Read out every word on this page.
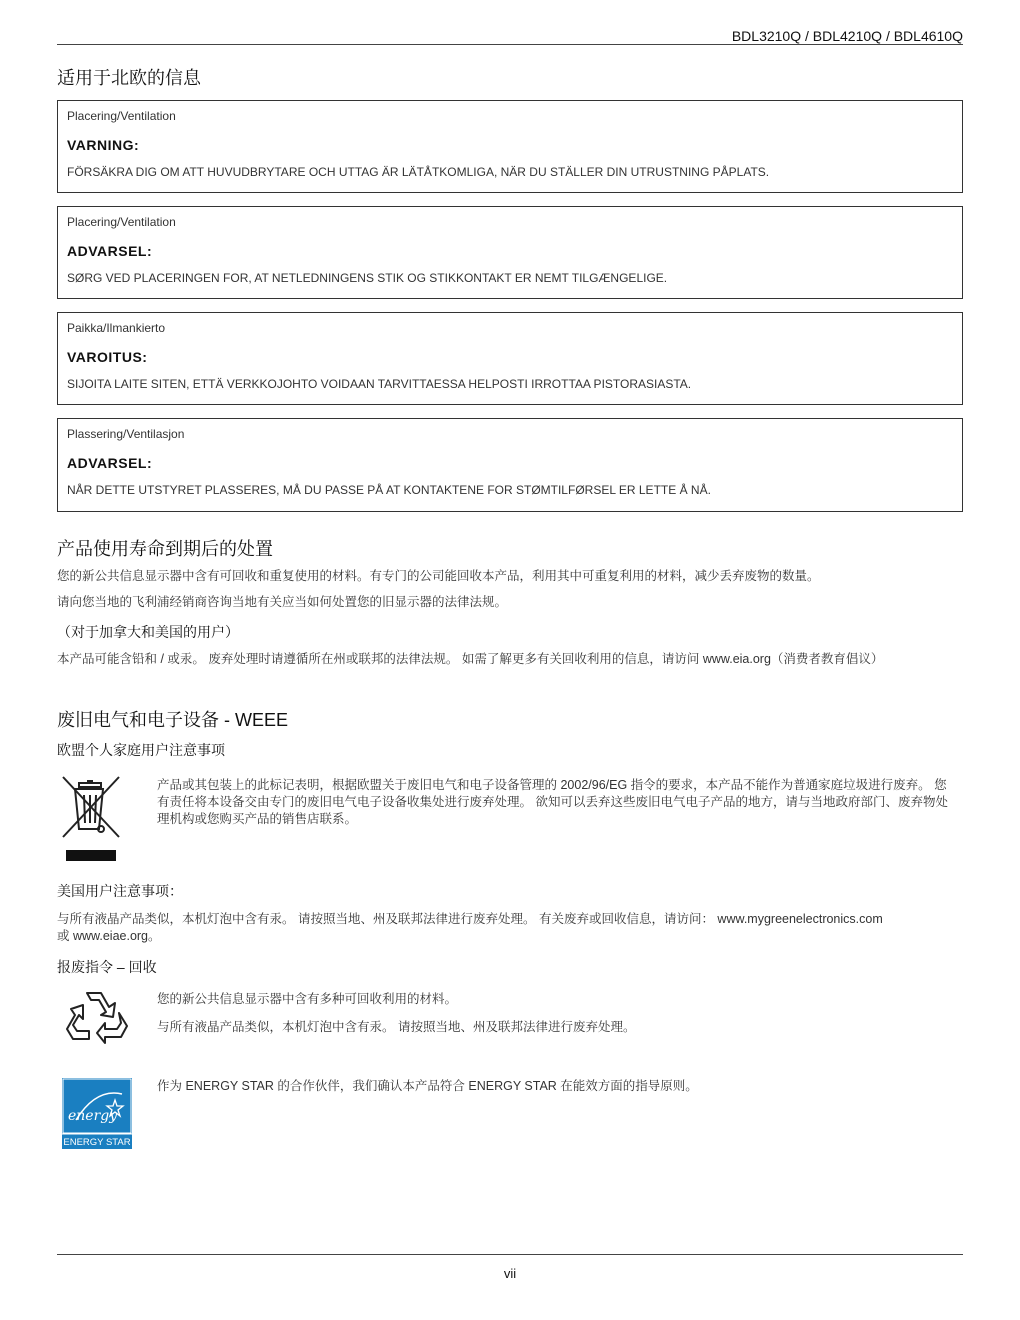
BDL3210Q / BDL4210Q / BDL4610Q
适用于北欧的信息
Placering/Ventilation
VARNING:
FÖRSÄKRA DIG OM ATT HUVUDBRYTARE OCH UTTAG ÄR LÄTÅTKOMLIGA, NÄR DU STÄLLER DIN UTRUSTNING PÅPLATS.
Placering/Ventilation
ADVARSEL:
SØRG VED PLACERINGEN FOR, AT NETLEDNINGENS STIK OG STIKKONTAKT ER NEMT TILGÆNGELIGE.
Paikka/Ilmankierto
VAROITUS:
SIJOITA LAITE SITEN, ETTÄ VERKKOJOHTO VOIDAAN TARVITTAESSA HELPOSTI IRROTTAA PISTORASIASTA.
Plassering/Ventilasjon
ADVARSEL:
NÅR DETTE UTSTYRET PLASSERES, MÅ DU PASSE PÅ AT KONTAKTENE FOR STØMTILFØRSEL ER LETTE Å NÅ.
产品使用寿命到期后的处置
您的新公共信息显示器中含有可回收和重复使用的材料。有专门的公司能回收本产品，利用其中可重复利用的材料，减少丢弃废物的数量。
请向您当地的飞利浦经销商咨询当地有关应当如何处置您的旧显示器的法律法规。
（对于加拿大和美国的用户）
本产品可能含铅和 / 或汞。 废弃处理时请遵循所在州或联邦的法律法规。 如需了解更多有关回收利用的信息，请访问 www.eia.org（消费者教育倡议）
废旧电气和电子设备 - WEEE
欧盟个人家庭用户注意事项
产品或其包装上的此标记表明，根据欧盟关于废旧电气和电子设备管理的 2002/96/EG 指令的要求，本产品不能作为普通家庭垃圾进行废弃。 您有责任将本设备交由专门的废旧电气电子设备收集处进行废弃处理。 欲知可以丢弃这些废旧电气电子产品的地方，请与当地政府部门、废弃物处理机构或您购买产品的销售店联系。
美国用户注意事项：
与所有液晶产品类似，本机灯泡中含有汞。 请按照当地、州及联邦法律进行废弃处理。 有关废弃或回收信息，请访问： www.mygreenelectronics.com 或 www.eiae.org。
报废指令 – 回收
您的新公共信息显示器中含有多种可回收利用的材料。
与所有液晶产品类似，本机灯泡中含有汞。 请按照当地、州及联邦法律进行废弃处理。
energy
ENERGY STAR
作为 ENERGY STAR 的合作伙伴，我们确认本产品符合 ENERGY STAR 在能效方面的指导原则。
vii
